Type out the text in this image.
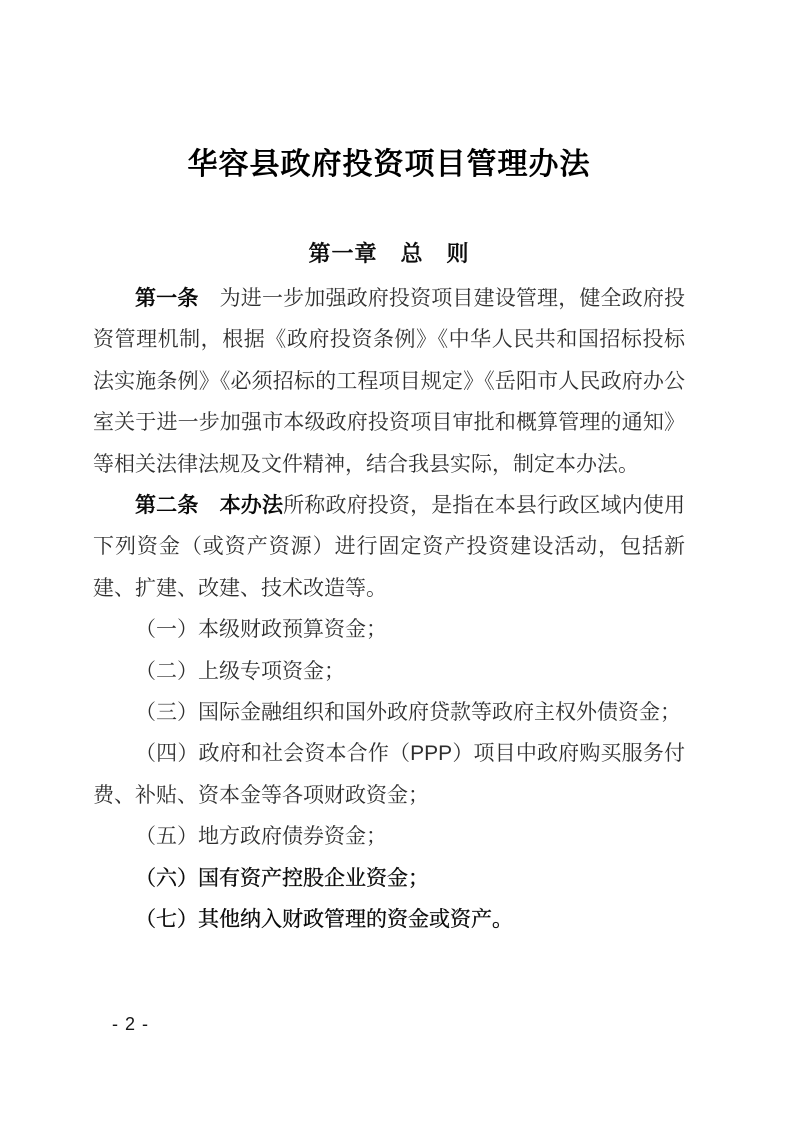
华容县政府投资项目管理办法
第一章　总　则

第一条　为进一步加强政府投资项目建设管理，健全政府投资管理机制，根据《政府投资条例》《中华人民共和国招标投标法实施条例》《必须招标的工程项目规定》《岳阳市人民政府办公室关于进一步加强市本级政府投资项目审批和概算管理的通知》等相关法律法规及文件精神，结合我县实际，制定本办法。

第二条　本办法所称政府投资，是指在本县行政区域内使用下列资金（或资产资源）进行固定资产投资建设活动，包括新建、扩建、改建、技术改造等。

（一）本级财政预算资金；

（二）上级专项资金；

（三）国际金融组织和国外政府贷款等政府主权外债资金；

（四）政府和社会资本合作（PPP）项目中政府购买服务付费、补贴、资本金等各项财政资金；

（五）地方政府债券资金；

（六）国有资产控股企业资金；

（七）其他纳入财政管理的资金或资产。

- 2 -
